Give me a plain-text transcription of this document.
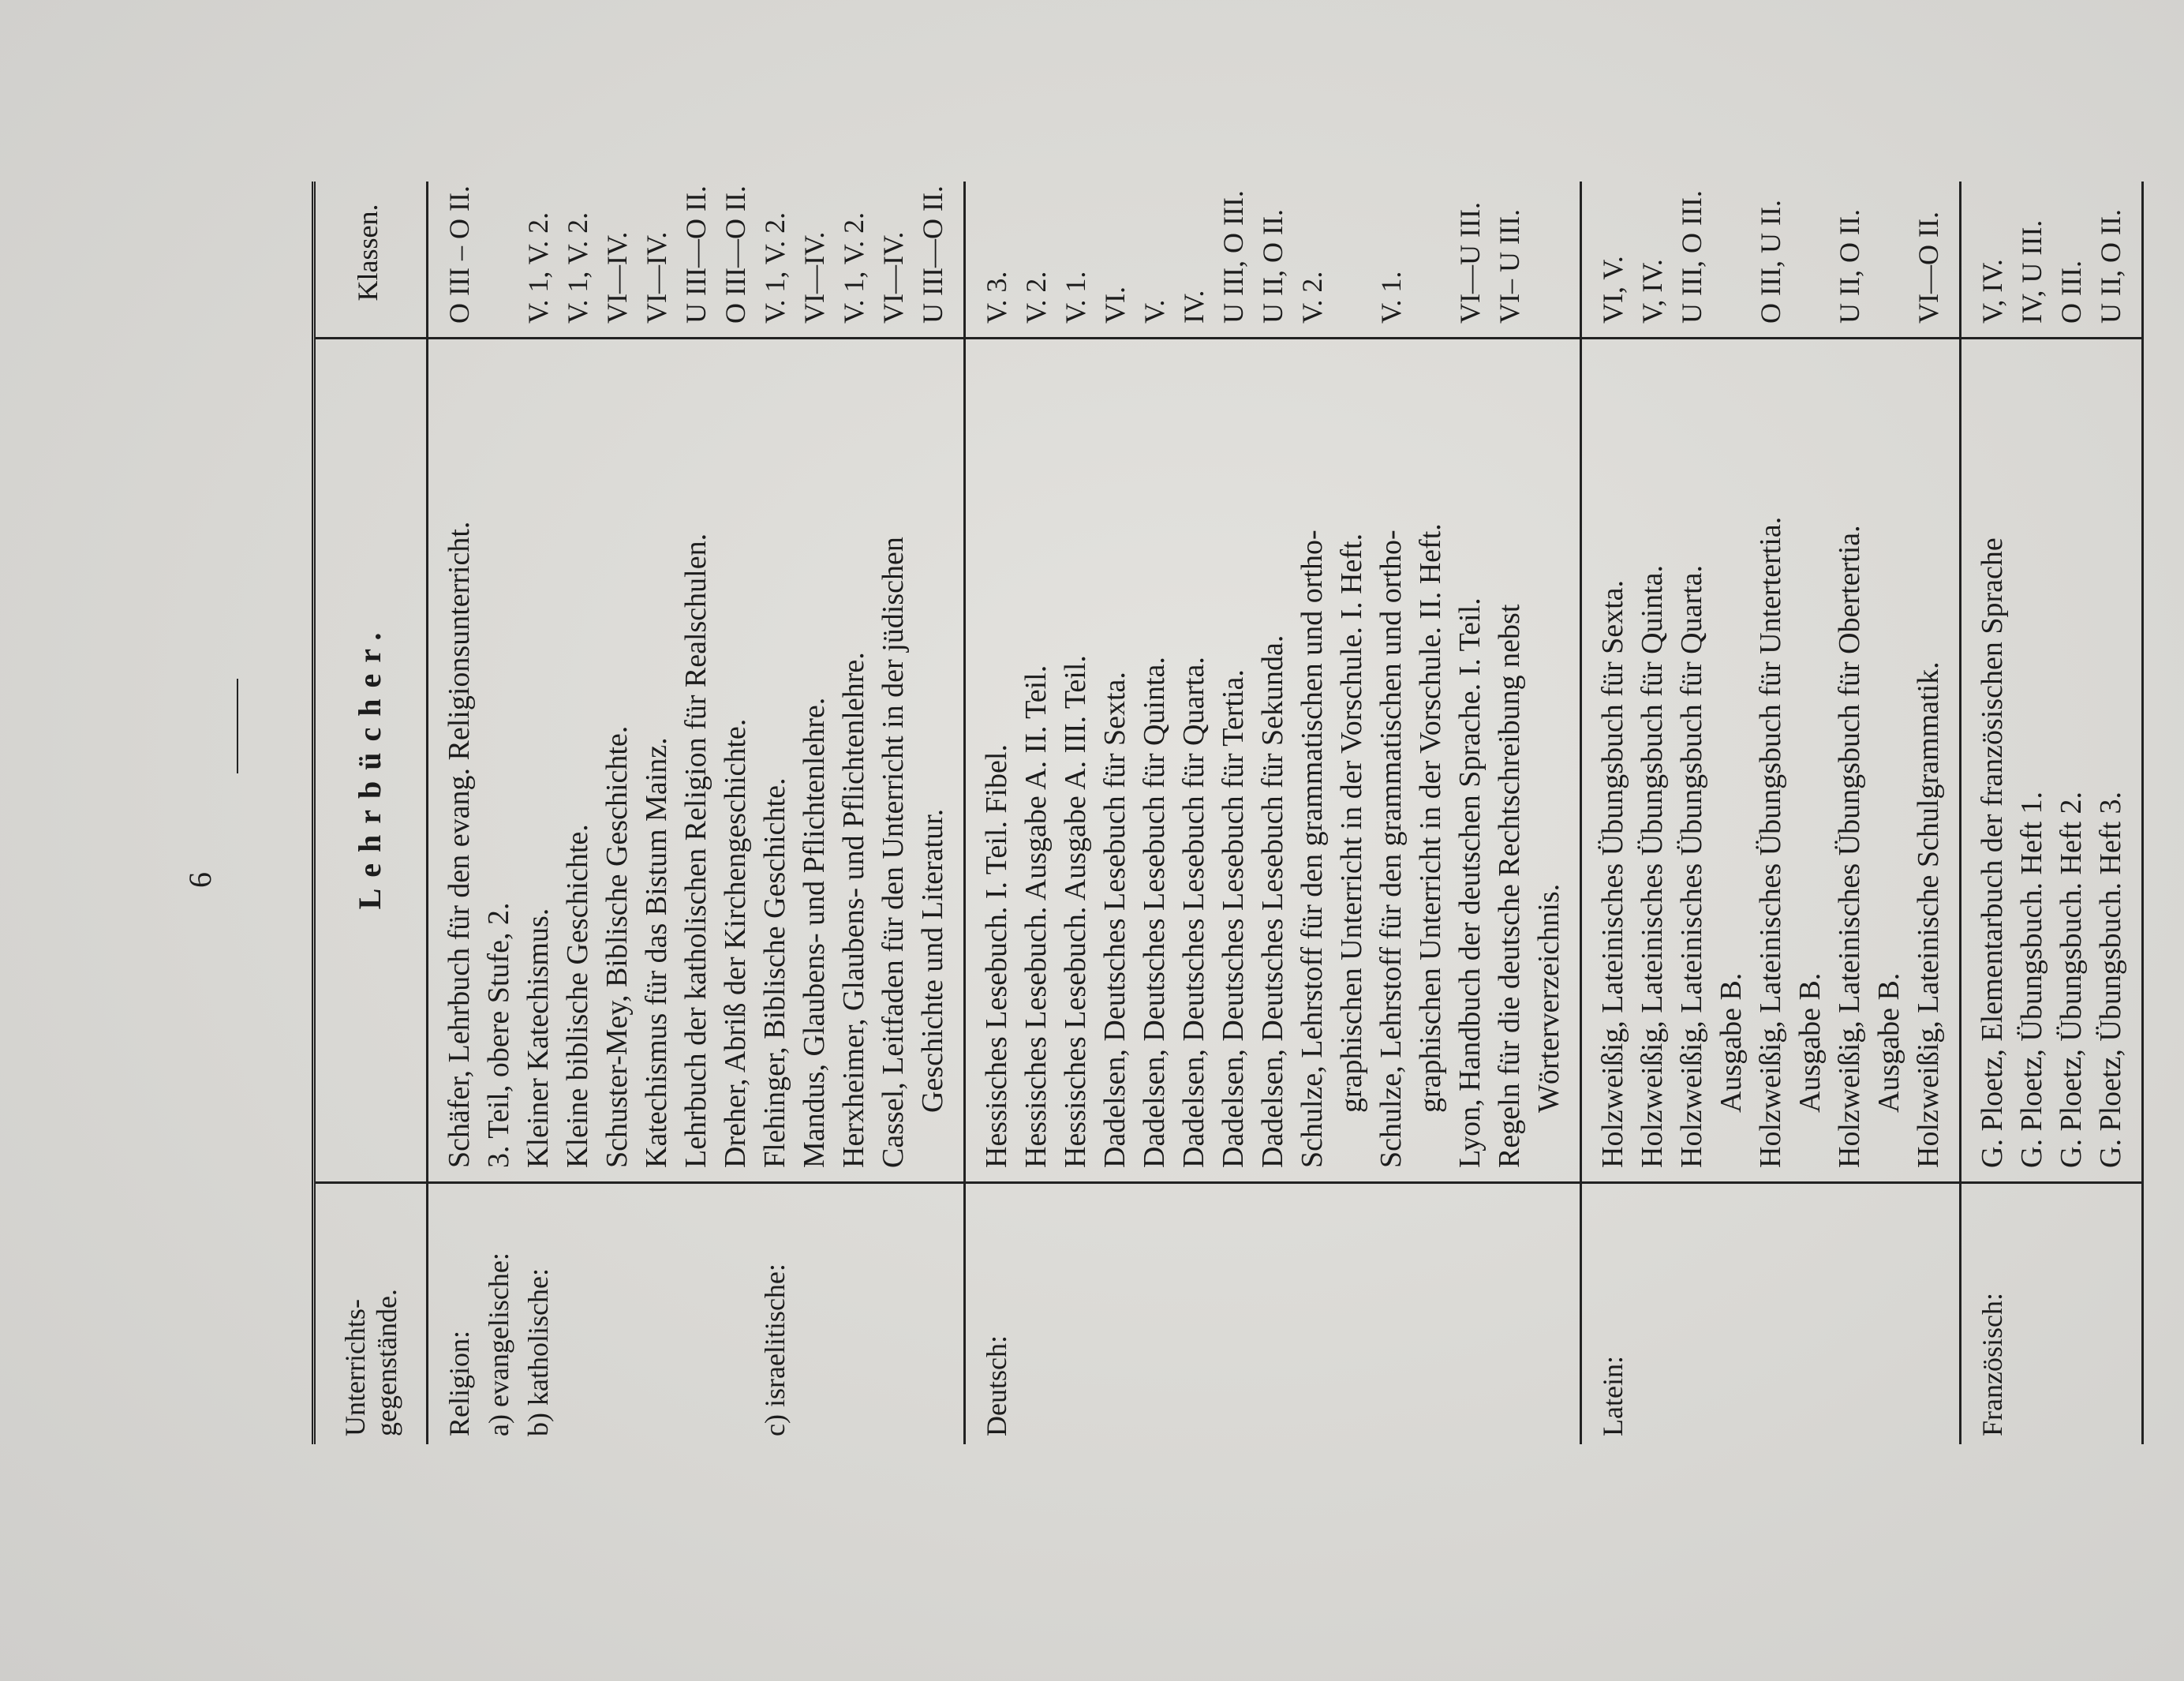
6
Unterrichts-
gegenstände.
Lehrbücher.
Klassen.
Religion:
Schäfer, Lehrbuch für den evang. Religionsunterricht.
O III – O II.
a) evangelische:
3. Teil, obere Stufe, 2.
b) katholische:
Kleiner Katechismus. Kleine biblische Geschichte. Schuster-Mey, Biblische Geschichte. Katechismus für das Bistum Mainz. Lehrbuch der katholischen Religion für Realschulen. Dreher, Abriß der Kirchengeschichte.
V. 1, V. 2. V. 1, V. 2. VI—IV. VI—IV. U III—O II. O III—O II.
c) israelitische:
Flehinger, Biblische Geschichte. Mandus, Glaubens- und Pflichtenlehre. Herxheimer, Glaubens- und Pflichtenlehre. Cassel, Leitfaden für den Unterricht in der jüdischen Geschichte und Literatur.
V. 1, V. 2. VI—IV. V. 1, V. 2. VI—IV. U III—O II.
Deutsch:
Hessisches Lesebuch. I. Teil. Fibel. Hessisches Lesebuch. Ausgabe A. II. Teil. Hessisches Lesebuch. Ausgabe A. III. Teil. Dadelsen, Deutsches Lesebuch für Sexta. Dadelsen, Deutsches Lesebuch für Quinta. Dadelsen, Deutsches Lesebuch für Quarta. Dadelsen, Deutsches Lesebuch für Tertia. Dadelsen, Deutsches Lesebuch für Sekunda. Schulze, Lehrstoff für den grammatischen und ortho- graphischen Unterricht in der Vorschule. I. Heft. Schulze, Lehrstoff für den grammatischen und ortho- graphischen Unterricht in der Vorschule. II. Heft. Lyon, Handbuch der deutschen Sprache. I. Teil. Regeln für die deutsche Rechtschreibung nebst Wörterverzeichnis.
V. 3. V. 2. V. 1. VI. V. IV. U III, O III. U II, O II. V. 2.
V. 1.
VI—U III. VI– U III.

Latein:
Holzweißig, Lateinisches Übungsbuch für Sexta. Holzweißig, Lateinisches Übungsbuch für Quinta. Holzweißig, Lateinisches Übungsbuch für Quarta. Ausgabe B. Holzweißig, Lateinisches Übungsbuch für Untertertia. Ausgabe B. Holzweißig, Lateinisches Übungsbuch für Obertertia. Ausgabe B. Holzweißig, Lateinische Schulgrammatik.
VI, V. V, IV. U III, O III.
O III, U II.
U II, O II.
VI—O II.
Französisch:
G. Ploetz, Elementarbuch der französischen Sprache G. Ploetz, Übungsbuch. Heft 1. G. Ploetz, Übungsbuch. Heft 2. G. Ploetz, Übungsbuch. Heft 3.
V, IV. IV, U III. O III. U II, O II.
